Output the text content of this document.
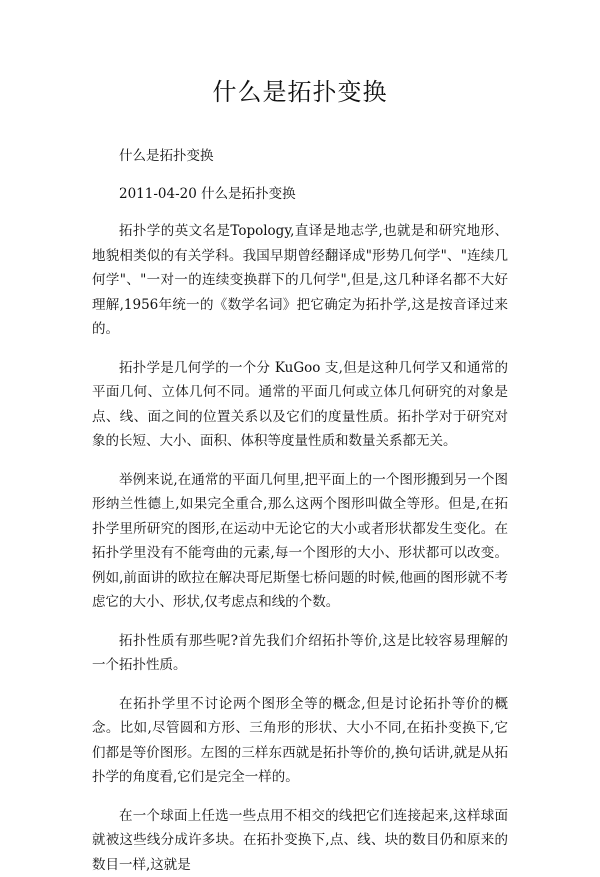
什么是拓扑变换

什么是拓扑变换

2011-04-20 什么是拓扑变换

拓扑学的英文名是Topology,直译是地志学,也就是和研究地形、地貌相类似的有关学科。我国早期曾经翻译成"形势几何学"、"连续几何学"、"一对一的连续变换群下的几何学",但是,这几种译名都不大好理解,1956年统一的《数学名词》把它确定为拓扑学,这是按音译过来的。

拓扑学是几何学的一个分 KuGoo 支,但是这种几何学又和通常的平面几何、立体几何不同。通常的平面几何或立体几何研究的对象是点、线、面之间的位置关系以及它们的度量性质。拓扑学对于研究对象的长短、大小、面积、体积等度量性质和数量关系都无关。

举例来说,在通常的平面几何里,把平面上的一个图形搬到另一个图形纳兰性德上,如果完全重合,那么这两个图形叫做全等形。但是,在拓扑学里所研究的图形,在运动中无论它的大小或者形状都发生变化。在拓扑学里没有不能弯曲的元素,每一个图形的大小、形状都可以改变。例如,前面讲的欧拉在解决哥尼斯堡七桥问题的时候,他画的图形就不考虑它的大小、形状,仅考虑点和线的个数。

拓扑性质有那些呢?首先我们介绍拓扑等价,这是比较容易理解的一个拓扑性质。

在拓扑学里不讨论两个图形全等的概念,但是讨论拓扑等价的概念。比如,尽管圆和方形、三角形的形状、大小不同,在拓扑变换下,它们都是等价图形。左图的三样东西就是拓扑等价的,换句话讲,就是从拓扑学的角度看,它们是完全一样的。

在一个球面上任选一些点用不相交的线把它们连接起来,这样球面就被这些线分成许多块。在拓扑变换下,点、线、块的数目仍和原来的数目一样,这就是
